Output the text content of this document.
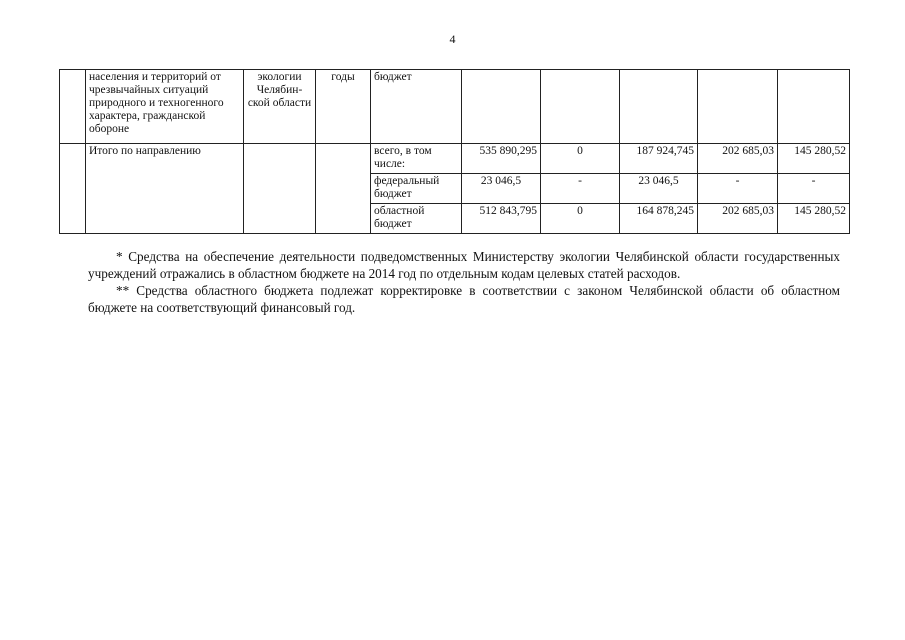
4
	населения и территорий от чрезвычайных ситуаций природного и техногенного характера, гражданской обороне	экологии Челябин-ской области	годы	бюджет					
	Итого по направлению			всего, в том числе:	535 890,295	0	187 924,745	202 685,03	145 280,52
				федеральный бюджет	23 046,5	-	23 046,5	-	-
				областной бюджет	512 843,795	0	164 878,245	202 685,03	145 280,52

* Средства на обеспечение деятельности подведомственных Министерству экологии Челябинской области государственных учреждений отражались в областном бюджете на 2014 год по отдельным кодам целевых статей расходов.

** Средства областного бюджета подлежат корректировке в соответствии с законом Челябинской области об областном бюджете на соответствующий финансовый год.
